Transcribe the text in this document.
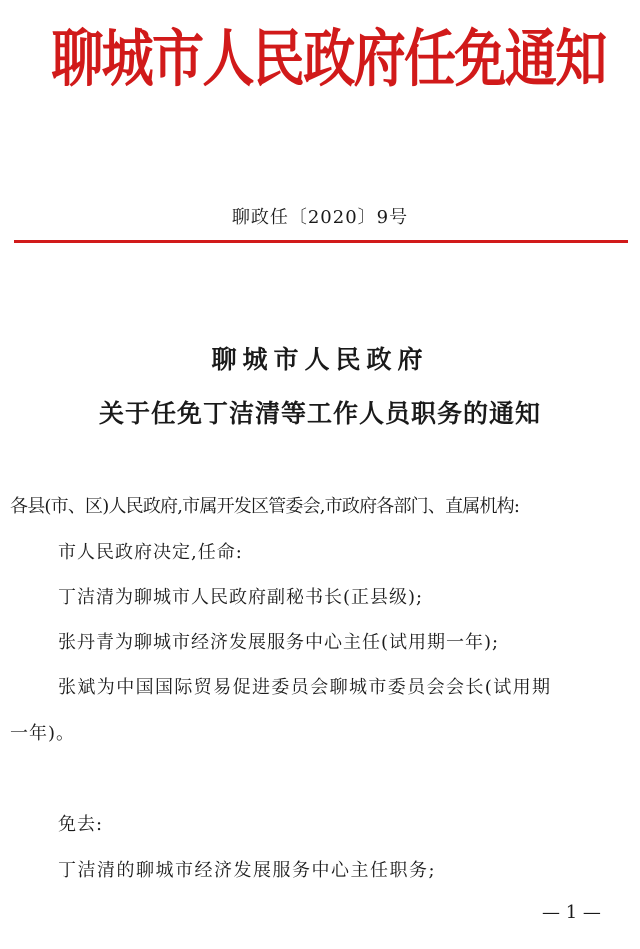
聊城市人民政府任免通知
聊政任〔2020〕9号
聊城市人民政府
关于任免丁洁清等工作人员职务的通知
各县(市、区)人民政府,市属开发区管委会,市政府各部门、直属机构:
市人民政府决定,任命:
丁洁清为聊城市人民政府副秘书长(正县级);
张丹青为聊城市经济发展服务中心主任(试用期一年);
张斌为中国国际贸易促进委员会聊城市委员会会长(试用期
一年)。
免去:
丁洁清的聊城市经济发展服务中心主任职务;
— 1 —
